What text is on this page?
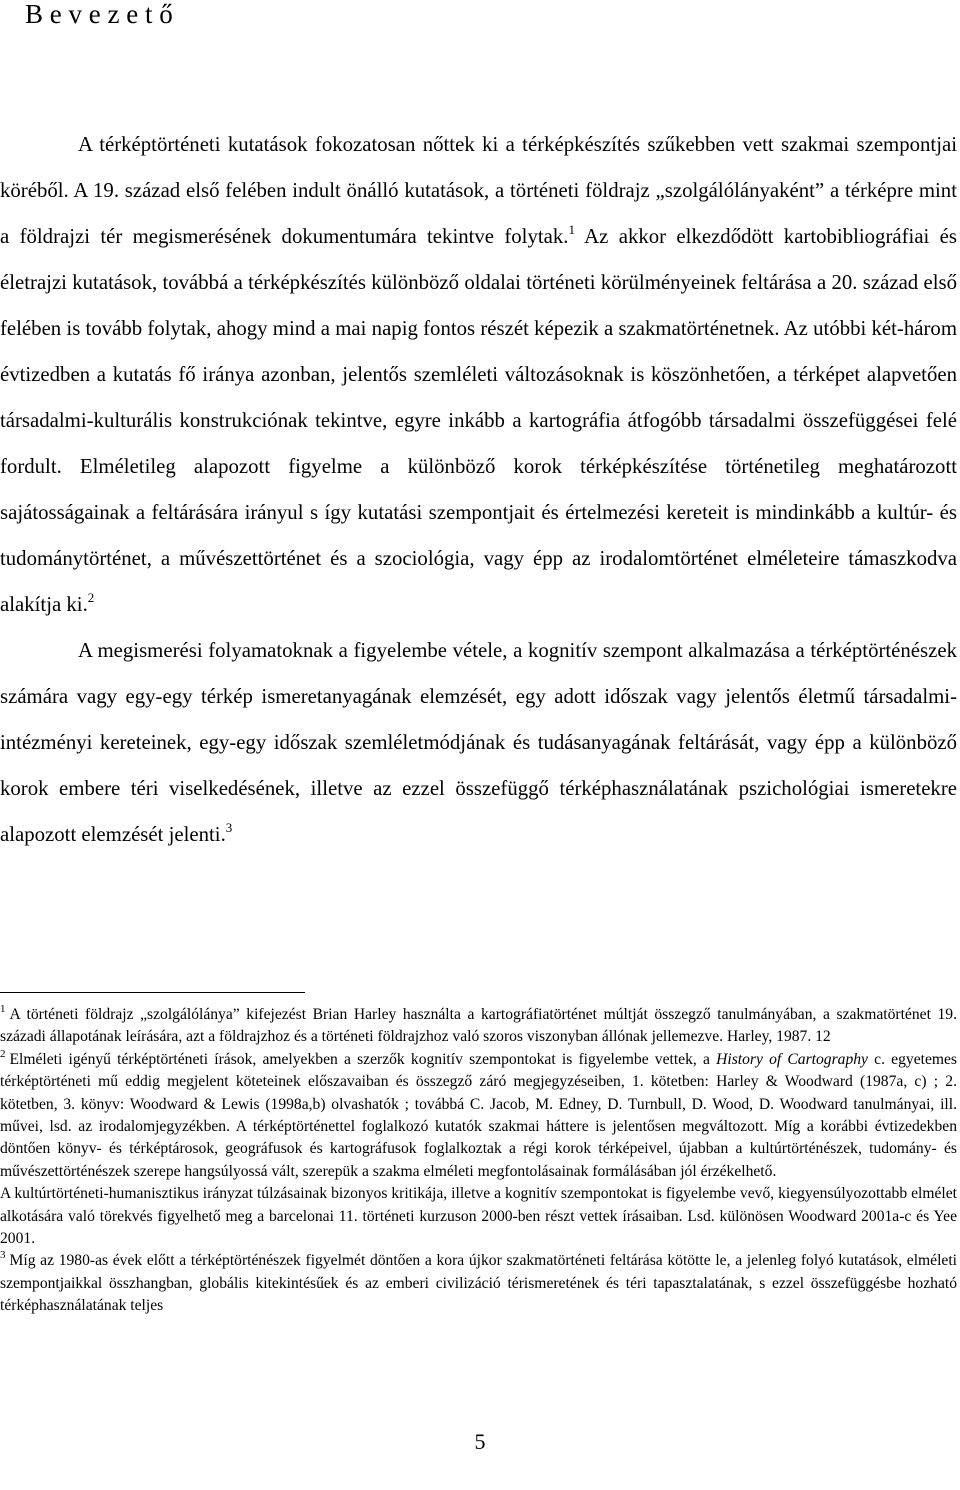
B e v e z e t ő

A térképtörténeti kutatások fokozatosan nőttek ki a térképkészítés szűkebben vett szakmai szempontjai köréből. A 19. század első felében indult önálló kutatások, a történeti földrajz „szolgálólányaként” a térképre mint a földrajzi tér megismerésének dokumentumára tekintve folytak.$^1$ Az akkor elkezdődött kartobibliográfiai és életrajzi kutatások, továbbá a térképkészítés különböző oldalai történeti körülményeinek feltárása a 20. század első felében is tovább folytak, ahogy mind a mai napig fontos részét képezik a szakmatörténetnek. Az utóbbi két-három évtizedben a kutatás fő iránya azonban, jelentős szemléleti változásoknak is köszönhetően, a térképet alapvetően társadalmi-kulturális konstrukciónak tekintve, egyre inkább a kartográfia átfogóbb társadalmi összefüggései felé fordult. Elméletileg alapozott figyelme a különböző korok térképkészítése történetileg meghatározott sajátosságainak a feltárására irányul s így kutatási szempontjait és értelmezési kereteit is mindinkább a kultúr- és tudománytörténet, a művészettörténet és a szociológia, vagy épp az irodalomtörténet elméleteire támaszkodva alakítja ki.$^2$

A megismerési folyamatoknak a figyelembe vétele, a kognitív szempont alkalmazása a térképtörténészek számára vagy egy-egy térkép ismeretanyagának elemzését, egy adott időszak vagy jelentős életmű társadalmi-intézményi kereteinek, egy-egy időszak szemléletmódjának és tudásanyagának feltárását, vagy épp a különböző korok embere téri viselkedésének, illetve az ezzel összefüggő térképhasználatának pszichológiai ismeretekre alapozott elemzését jelenti.$^3$

$^1$ A történeti földrajz „szolgálólánya” kifejezést Brian Harley használta a kartográfiatörténet múltját összegző tanulmányában, a szakmatörténet 19. századi állapotának leírására, azt a földrajzhoz és a történeti földrajzhoz való szoros viszonyban állónak jellemezve. Harley, 1987. 12

$^2$ Elméleti igényű térképtörténeti írások, amelyekben a szerzők kognitív szempontokat is figyelembe vettek, a History of Cartography c. egyetemes térképtörténeti mű eddig megjelent köteteinek előszavaiban és összegző záró megjegyzéseiben, 1. kötetben: Harley & Woodward (1987a, c) ; 2. kötetben, 3. könyv: Woodward & Lewis (1998a,b) olvashatók ; továbbá C. Jacob, M. Edney, D. Turnbull, D. Wood, D. Woodward tanulmányai, ill. művei, lsd. az irodalomjegyzékben. A térképtörténettel foglalkozó kutatók szakmai háttere is jelentősen megváltozott. Míg a korábbi évtizedekben döntően könyv- és térképtárosok, geográfusok és kartográfusok foglalkoztak a régi korok térképeivel, újabban a kultúrtörténészek, tudomány- és művészettörténészek szerepe hangsúlyossá vált, szerepük a szakma elméleti megfontolásainak formálásában jól érzékelhető.

A kultúrtörténeti-humanisztikus irányzat túlzásainak bizonyos kritikája, illetve a kognitív szempontokat is figyelembe vevő, kiegyensúlyozottabb elmélet alkotására való törekvés figyelhető meg a barcelonai 11. történeti kurzuson 2000-ben részt vettek írásaiban. Lsd. különösen Woodward 2001a-c és Yee 2001.

$^3$ Míg az 1980-as évek előtt a térképtörténészek figyelmét döntően a kora újkor szakmatörténeti feltárása kötötte le, a jelenleg folyó kutatások, elméleti szempontjaikkal összhangban, globális kitekintésűek és az emberi civilizáció térismeretének és téri tapasztalatának, s ezzel összefüggésbe hozható térképhasználatának teljes

5
